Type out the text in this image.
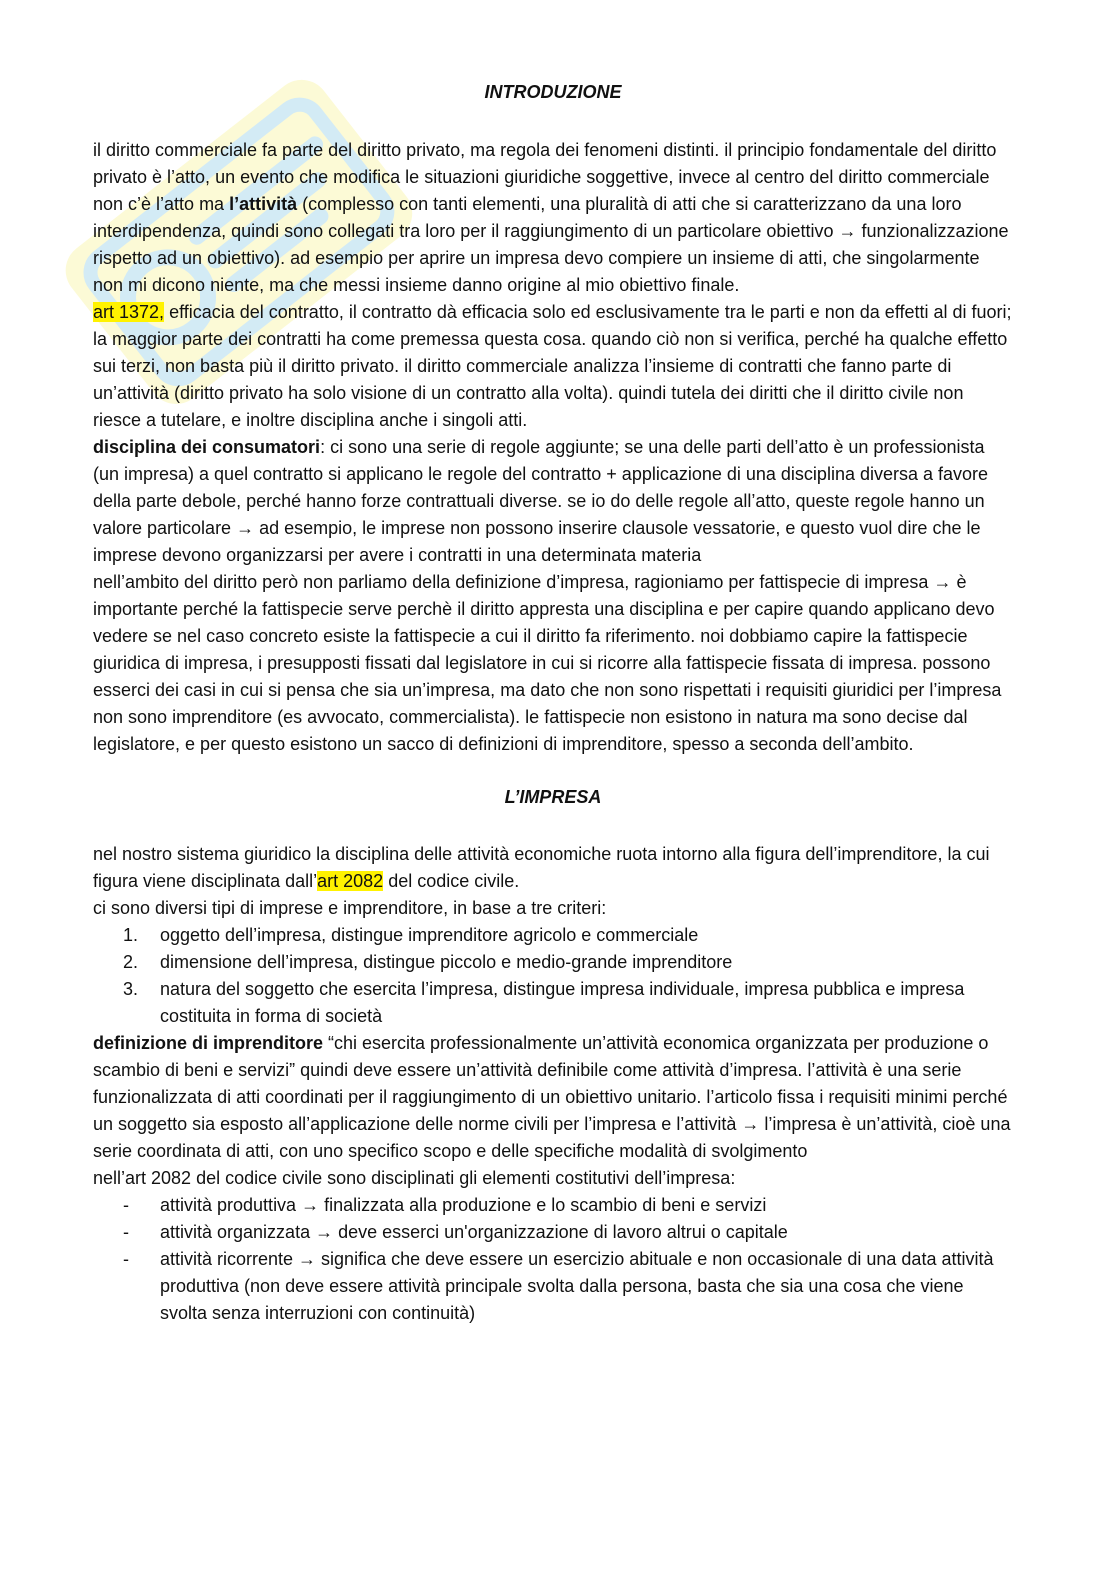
INTRODUZIONE

il diritto commerciale fa parte del diritto privato, ma regola dei fenomeni distinti. il principio fondamentale del diritto privato è l’atto, un evento che modifica le situazioni giuridiche soggettive, invece al centro del diritto commerciale non c’è l’atto ma l’attività (complesso con tanti elementi, una pluralità di atti che si caratterizzano da una loro interdipendenza, quindi sono collegati tra loro per il raggiungimento di un particolare obiettivo → funzionalizzazione rispetto ad un obiettivo). ad esempio per aprire un impresa devo compiere un insieme di atti, che singolarmente non mi dicono niente, ma che messi insieme danno origine al mio obiettivo finale.

art 1372, efficacia del contratto, il contratto dà efficacia solo ed esclusivamente tra le parti e non da effetti al di fuori; la maggior parte dei contratti ha come premessa questa cosa. quando ciò non si verifica, perché ha qualche effetto sui terzi, non basta più il diritto privato. il diritto commerciale analizza l’insieme di contratti che fanno parte di un’attività (diritto privato ha solo visione di un contratto alla volta). quindi tutela dei diritti che il diritto civile non riesce a tutelare, e inoltre disciplina anche i singoli atti.

disciplina dei consumatori: ci sono una serie di regole aggiunte; se una delle parti dell’atto è un professionista (un impresa) a quel contratto si applicano le regole del contratto + applicazione di una disciplina diversa a favore della parte debole, perché hanno forze contrattuali diverse. se io do delle regole all’atto, queste regole hanno un valore particolare → ad esempio, le imprese non possono inserire clausole vessatorie, e questo vuol dire che le imprese devono organizzarsi per avere i contratti in una determinata materia

nell’ambito del diritto però non parliamo della definizione d’impresa, ragioniamo per fattispecie di impresa → è importante perché la fattispecie serve perchè il diritto appresta una disciplina e per capire quando applicano devo vedere se nel caso concreto esiste la fattispecie a cui il diritto fa riferimento. noi dobbiamo capire la fattispecie giuridica di impresa, i presupposti fissati dal legislatore in cui si ricorre alla fattispecie fissata di impresa. possono esserci dei casi in cui si pensa che sia un’impresa, ma dato che non sono rispettati i requisiti giuridici per l’impresa non sono imprenditore (es avvocato, commercialista). le fattispecie non esistono in natura ma sono decise dal legislatore, e per questo esistono un sacco di definizioni di imprenditore, spesso a seconda dell’ambito.

L’IMPRESA

nel nostro sistema giuridico la disciplina delle attività economiche ruota intorno alla figura dell’imprenditore, la cui figura viene disciplinata dall’art 2082 del codice civile.

ci sono diversi tipi di imprese e imprenditore, in base a tre criteri:

1. oggetto dell’impresa, distingue imprenditore agricolo e commerciale
2. dimensione dell’impresa, distingue piccolo e medio-grande imprenditore
3. natura del soggetto che esercita l’impresa, distingue impresa individuale, impresa pubblica e impresa costituita in forma di società

definizione di imprenditore “chi esercita professionalmente un’attività economica organizzata per produzione o scambio di beni e servizi” quindi deve essere un’attività definibile come attività d’impresa. l’attività è una serie funzionalizzata di atti coordinati per il raggiungimento di un obiettivo unitario. l’articolo fissa i requisiti minimi perché un soggetto sia esposto all’applicazione delle norme civili per l’impresa e l’attività → l’impresa è un’attività, cioè una serie coordinata di atti, con uno specifico scopo e delle specifiche modalità di svolgimento

nell’art 2082 del codice civile sono disciplinati gli elementi costitutivi dell’impresa:

- attività produttiva → finalizzata alla produzione e lo scambio di beni e servizi
- attività organizzata → deve esserci un'organizzazione di lavoro altrui o capitale
- attività ricorrente → significa che deve essere un esercizio abituale e non occasionale di una data attività produttiva (non deve essere attività principale svolta dalla persona, basta che sia una cosa che viene svolta senza interruzioni con continuità)
